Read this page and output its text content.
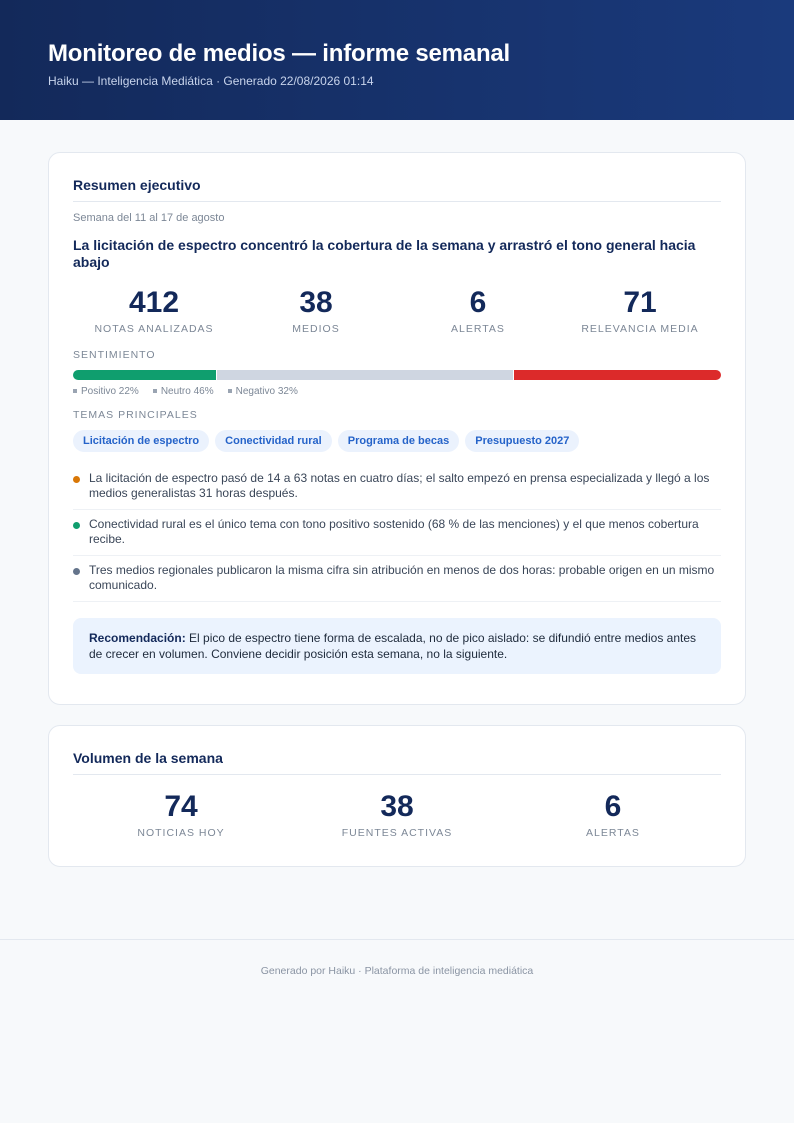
Monitoreo de medios — informe semanal
Haiku — Inteligencia Mediática · Generado 22/08/2026 01:14
Resumen ejecutivo
Semana del 11 al 17 de agosto
La licitación de espectro concentró la cobertura de la semana y arrastró el tono general hacia abajo
412
NOTAS ANALIZADAS
38
MEDIOS
6
ALERTAS
71
RELEVANCIA MEDIA
SENTIMIENTO
Positivo 22%	Neutro 46%	Negativo 32%
TEMAS PRINCIPALES
Licitación de espectro	Conectividad rural	Programa de becas	Presupuesto 2027
La licitación de espectro pasó de 14 a 63 notas en cuatro días; el salto empezó en prensa especializada y llegó a los medios generalistas 31 horas después.
Conectividad rural es el único tema con tono positivo sostenido (68 % de las menciones) y el que menos cobertura recibe.
Tres medios regionales publicaron la misma cifra sin atribución en menos de dos horas: probable origen en un mismo comunicado.
Recomendación: El pico de espectro tiene forma de escalada, no de pico aislado: se difundió entre medios antes de crecer en volumen. Conviene decidir posición esta semana, no la siguiente.
Volumen de la semana
74
NOTICIAS HOY
38
FUENTES ACTIVAS
6
ALERTAS
Generado por Haiku · Plataforma de inteligencia mediática
